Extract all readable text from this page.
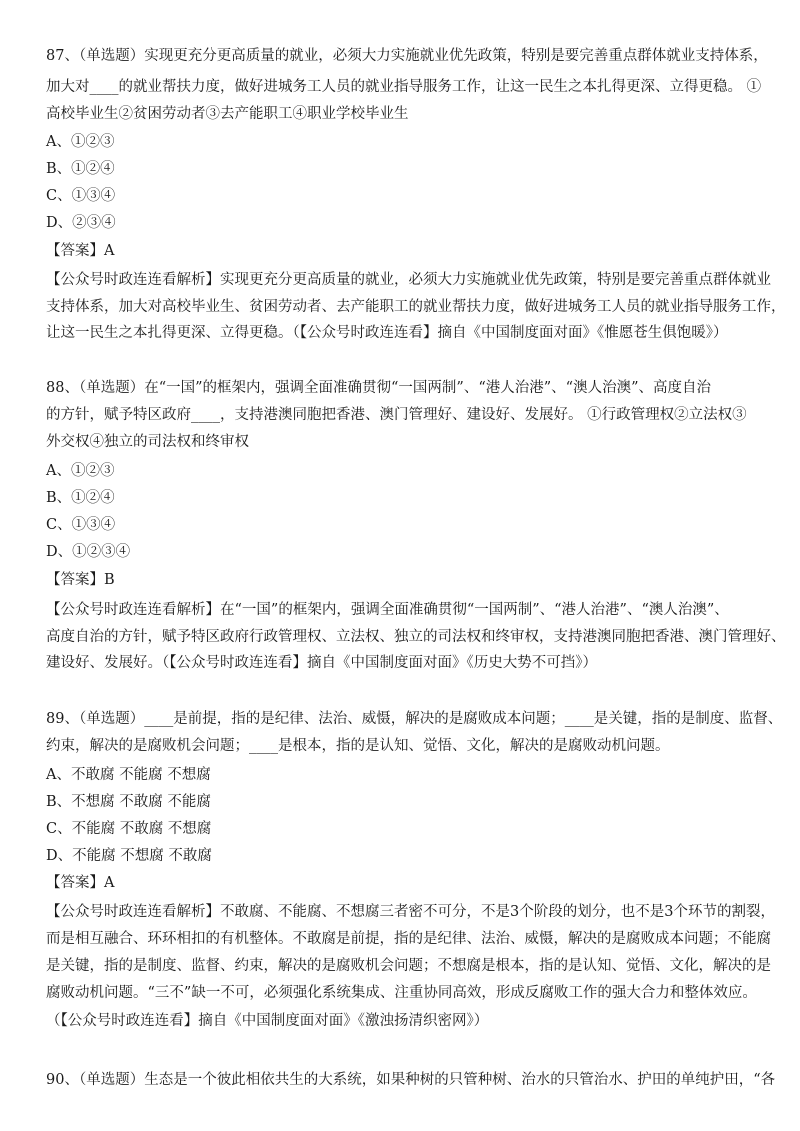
87、（单选题）实现更充分更高质量的就业，必须大力实施就业优先政策，特别是要完善重点群体就业支持体系，
加大对____的就业帮扶力度，做好进城务工人员的就业指导服务工作，让这一民生之本扎得更深、立得更稳。 ①
高校毕业生②贫困劳动者③去产能职工④职业学校毕业生
A、①②③
B、①②④
C、①③④
D、②③④
【答案】A
【公众号时政连连看解析】实现更充分更高质量的就业，必须大力实施就业优先政策，特别是要完善重点群体就业
支持体系，加大对高校毕业生、贫困劳动者、去产能职工的就业帮扶力度，做好进城务工人员的就业指导服务工作，
让这一民生之本扎得更深、立得更稳。（【公众号时政连连看】摘自《中国制度面对面》《惟愿苍生俱饱暖》）
88、（单选题）在“一国”的框架内，强调全面准确贯彻“一国两制”、“港人治港”、“澳人治澳”、高度自治
的方针，赋予特区政府____，支持港澳同胞把香港、澳门管理好、建设好、发展好。 ①行政管理权②立法权③
外交权④独立的司法权和终审权
A、①②③
B、①②④
C、①③④
D、①②③④
【答案】B
【公众号时政连连看解析】在“一国”的框架内，强调全面准确贯彻“一国两制”、“港人治港”、“澳人治澳”、
高度自治的方针，赋予特区政府行政管理权、立法权、独立的司法权和终审权，支持港澳同胞把香港、澳门管理好、
建设好、发展好。（【公众号时政连连看】摘自《中国制度面对面》《历史大势不可挡》）
89、（单选题）____是前提，指的是纪律、法治、威慑，解决的是腐败成本问题；____是关键，指的是制度、监督、
约束，解决的是腐败机会问题；____是根本，指的是认知、觉悟、文化，解决的是腐败动机问题。
A、不敢腐 不能腐 不想腐
B、不想腐 不敢腐 不能腐
C、不能腐 不敢腐 不想腐
D、不能腐 不想腐 不敢腐
【答案】A
【公众号时政连连看解析】不敢腐、不能腐、不想腐三者密不可分，不是3个阶段的划分，也不是3个环节的割裂，
而是相互融合、环环相扣的有机整体。不敢腐是前提，指的是纪律、法治、威慑，解决的是腐败成本问题；不能腐
是关键，指的是制度、监督、约束，解决的是腐败机会问题；不想腐是根本，指的是认知、觉悟、文化，解决的是
腐败动机问题。“三不”缺一不可，必须强化系统集成、注重协同高效，形成反腐败工作的强大合力和整体效应。
（【公众号时政连连看】摘自《中国制度面对面》《激浊扬清织密网》）
90、（单选题）生态是一个彼此相依共生的大系统，如果种树的只管种树、治水的只管治水、护田的单纯护田，“各
